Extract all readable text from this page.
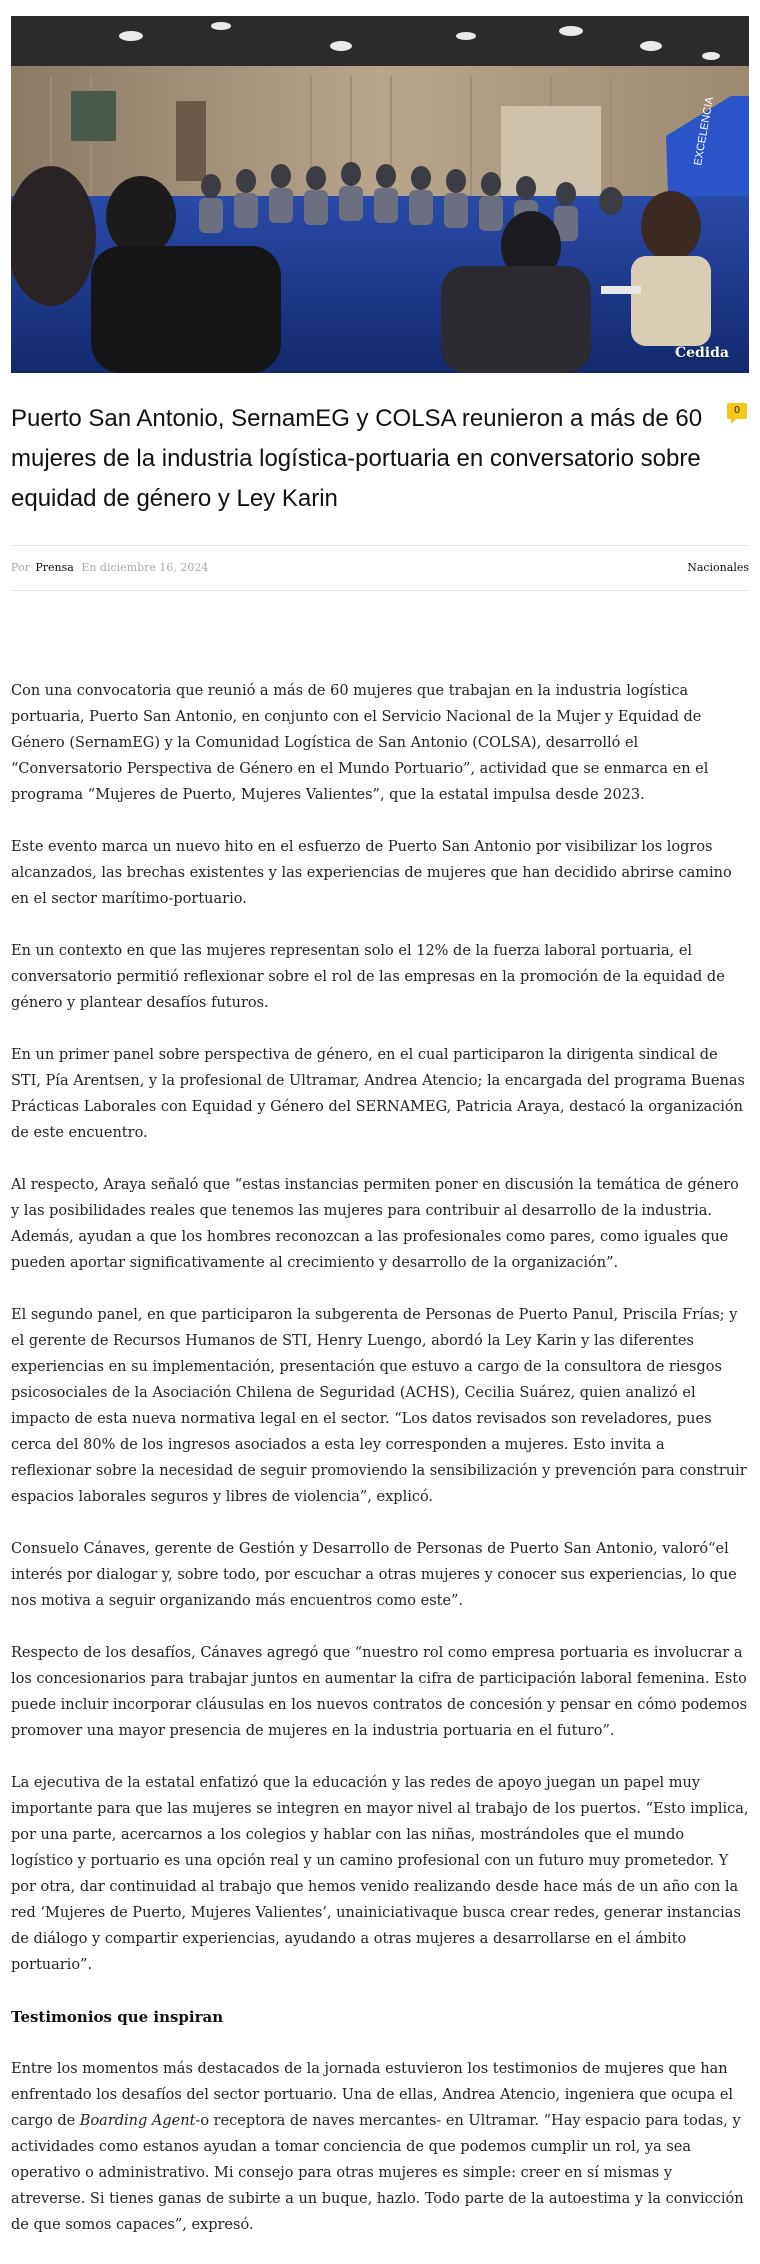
EXCELENCIA
Cedida
Puerto San Antonio, SernamEG y COLSA reunieron a más de 60 mujeres de la industria logística-portuaria en conversatorio sobre equidad de género y Ley Karin
0
Por Prensa En diciembre 16, 2024	Nacionales

Con una convocatoria que reunió a más de 60 mujeres que trabajan en la industria logística portuaria, Puerto San Antonio, en conjunto con el Servicio Nacional de la Mujer y Equidad de Género (SernamEG) y la Comunidad Logística de San Antonio (COLSA), desarrolló el “Conversatorio Perspectiva de Género en el Mundo Portuario”, actividad que se enmarca en el programa “Mujeres de Puerto, Mujeres Valientes”, que la estatal impulsa desde 2023.

Este evento marca un nuevo hito en el esfuerzo de Puerto San Antonio por visibilizar los logros alcanzados, las brechas existentes y las experiencias de mujeres que han decidido abrirse camino en el sector marítimo-portuario.

En un contexto en que las mujeres representan solo el 12% de la fuerza laboral portuaria, el conversatorio permitió reflexionar sobre el rol de las empresas en la promoción de la equidad de género y plantear desafíos futuros.

En un primer panel sobre perspectiva de género, en el cual participaron la dirigenta sindical de STI, Pía Arentsen, y la profesional de Ultramar, Andrea Atencio; la encargada del programa Buenas Prácticas Laborales con Equidad y Género del SERNAMEG, Patricia Araya, destacó la organización de este encuentro.

Al respecto, Araya señaló que “estas instancias permiten poner en discusión la temática de género y las posibilidades reales que tenemos las mujeres para contribuir al desarrollo de la industria. Además, ayudan a que los hombres reconozcan a las profesionales como pares, como iguales que pueden aportar significativamente al crecimiento y desarrollo de la organización”.

El segundo panel, en que participaron la subgerenta de Personas de Puerto Panul, Priscila Frías; y el gerente de Recursos Humanos de STI, Henry Luengo, abordó la Ley Karin y las diferentes experiencias en su implementación, presentación que estuvo a cargo de la consultora de riesgos psicosociales de la Asociación Chilena de Seguridad (ACHS), Cecilia Suárez, quien analizó el impacto de esta nueva normativa legal en el sector. “Los datos revisados son reveladores, pues cerca del 80% de los ingresos asociados a esta ley corresponden a mujeres. Esto invita a reflexionar sobre la necesidad de seguir promoviendo la sensibilización y prevención para construir espacios laborales seguros y libres de violencia”, explicó.

Consuelo Cánaves, gerente de Gestión y Desarrollo de Personas de Puerto San Antonio, valoró“el interés por dialogar y, sobre todo, por escuchar a otras mujeres y conocer sus experiencias, lo que nos motiva a seguir organizando más encuentros como este”.

Respecto de los desafíos, Cánaves agregó que “nuestro rol como empresa portuaria es involucrar a los concesionarios para trabajar juntos en aumentar la cifra de participación laboral femenina. Esto puede incluir incorporar cláusulas en los nuevos contratos de concesión y pensar en cómo podemos promover una mayor presencia de mujeres en la industria portuaria en el futuro”.

La ejecutiva de la estatal enfatizó que la educación y las redes de apoyo juegan un papel muy importante para que las mujeres se integren en mayor nivel al trabajo de los puertos. “Esto implica, por una parte, acercarnos a los colegios y hablar con las niñas, mostrándoles que el mundo logístico y portuario es una opción real y un camino profesional con un futuro muy prometedor. Y por otra, dar continuidad al trabajo que hemos venido realizando desde hace más de un año con la red ‘Mujeres de Puerto, Mujeres Valientes’, unainiciativaque busca crear redes, generar instancias de diálogo y compartir experiencias, ayudando a otras mujeres a desarrollarse en el ámbito portuario”.

Testimonios que inspiran

Entre los momentos más destacados de la jornada estuvieron los testimonios de mujeres que han enfrentado los desafíos del sector portuario. Una de ellas, Andrea Atencio, ingeniera que ocupa el cargo de Boarding Agent-o receptora de naves mercantes- en Ultramar. “Hay espacio para todas, y actividades como estanos ayudan a tomar conciencia de que podemos cumplir un rol, ya sea operativo o administrativo. Mi consejo para otras mujeres es simple: creer en sí mismas y atreverse. Si tienes ganas de subirte a un buque, hazlo. Todo parte de la autoestima y la convicción de que somos capaces”, expresó.
